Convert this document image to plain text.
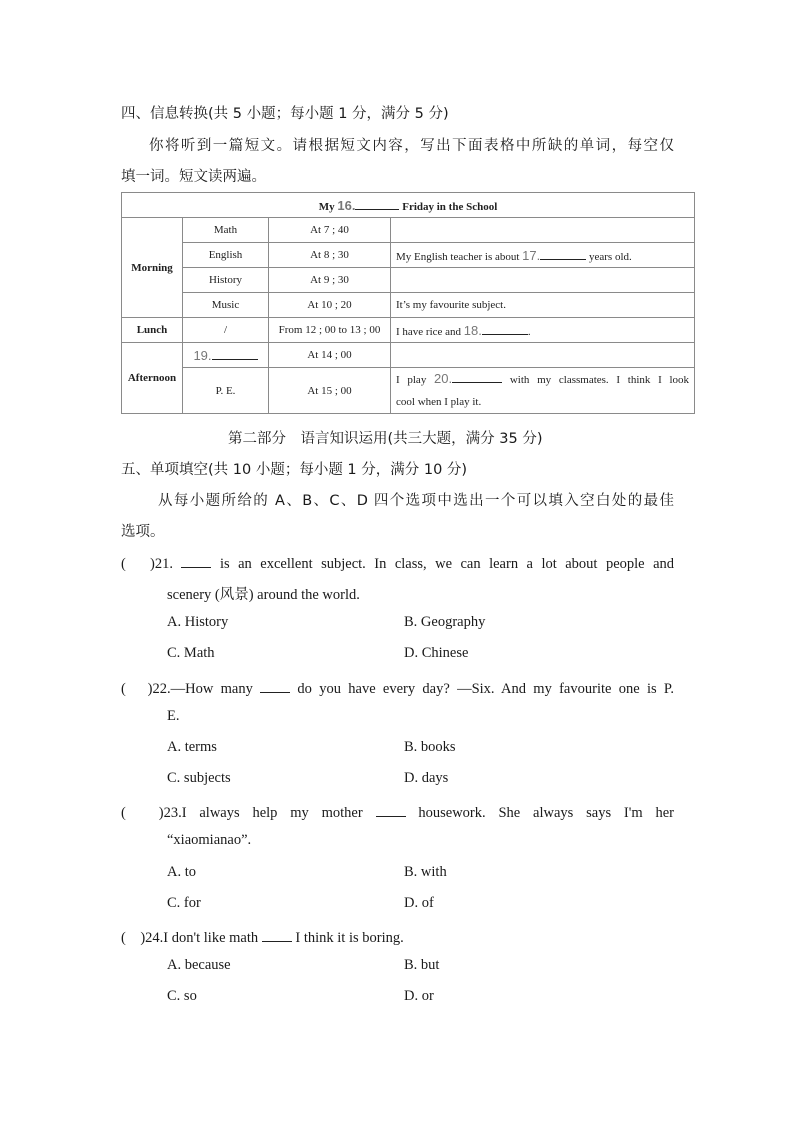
四、信息转换(共 5 小题；每小题 1 分，满分 5 分)
你将听到一篇短文。请根据短文内容，写出下面表格中所缺的单词，每空仅
填一词。短文读两遍。
My 16. Friday in the School			
Morning	Math	At 7 ; 40	
	English	At 8 ; 30	My English teacher is about 17. years old.
	History	At 9 ; 30	
	Music	At 10 ; 20	It’s my favourite subject.
Lunch	/	From 12 ; 00 to 13 ; 00	I have rice and 18. .
Afternoon	19.	At 14 ; 00	
	P. E.	At 15 ; 00	I play 20. with my classmates. I think I look
cool when I play it.
第二部分　语言知识运用(共三大题，满分 35 分)
五、单项填空(共 10 小题；每小题 1 分，满分 10 分)
从每小题所给的 A、B、C、D 四个选项中选出一个可以填入空白处的最佳
选项。
(　)21.	is an excellent subject. In class, we can learn a lot about people and
scenery (风景) around the world.
A. History	B. Geography
C. Math	D. Chinese
(　)22.—How many	do you have every day? —Six. And my favourite one is P.
E.
A. terms	B. books
C. subjects	D. days
(　)23.I always help my mother	housework. She always says I'm her
“xiaomianao”.
A. to	B. with
C. for	D. of
(　)24.I don't like math	I think it is boring.
A. because	B. but
C. so	D. or
